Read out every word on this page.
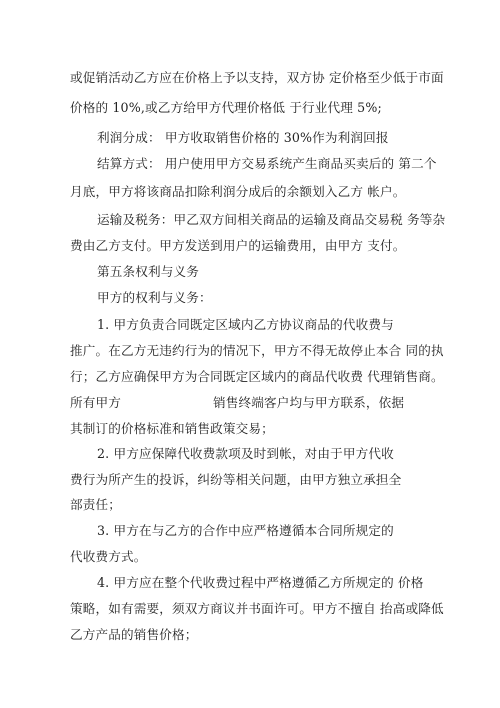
或促销活动乙方应在价格上予以支持，双方协 定价格至少低于市面
价格的 10%,或乙方给甲方代理价格低 于行业代理 5%;
利润分成： 甲方收取销售价格的 30%作为利润回报
结算方式： 用户使用甲方交易系统产生商品买卖后的 第二个
月底，甲方将该商品扣除利润分成后的余额划入乙方 帐户。
运输及税务：甲乙双方间相关商品的运输及商品交易税 务等杂
费由乙方支付。甲方发送到用户的运输费用，由甲方 支付。
第五条权利与义务
甲方的权利与义务：
1. 甲方负责合同既定区域内乙方协议商品的代收费与
推广。在乙方无违约行为的情况下，甲方不得无故停止本合 同的执
行；乙方应确保甲方为合同既定区域内的商品代收费 代理销售商。
所有甲方	销售终端客户均与甲方联系，依据
其制订的价格标准和销售政策交易；
2. 甲方应保障代收费款项及时到帐，对由于甲方代收
费行为所产生的投诉，纠纷等相关问题，由甲方独立承担全
部责任；
3. 甲方在与乙方的合作中应严格遵循本合同所规定的
代收费方式。
4. 甲方应在整个代收费过程中严格遵循乙方所规定的 价格
策略，如有需要，须双方商议并书面许可。甲方不擅自 抬高或降低
乙方产品的销售价格；
